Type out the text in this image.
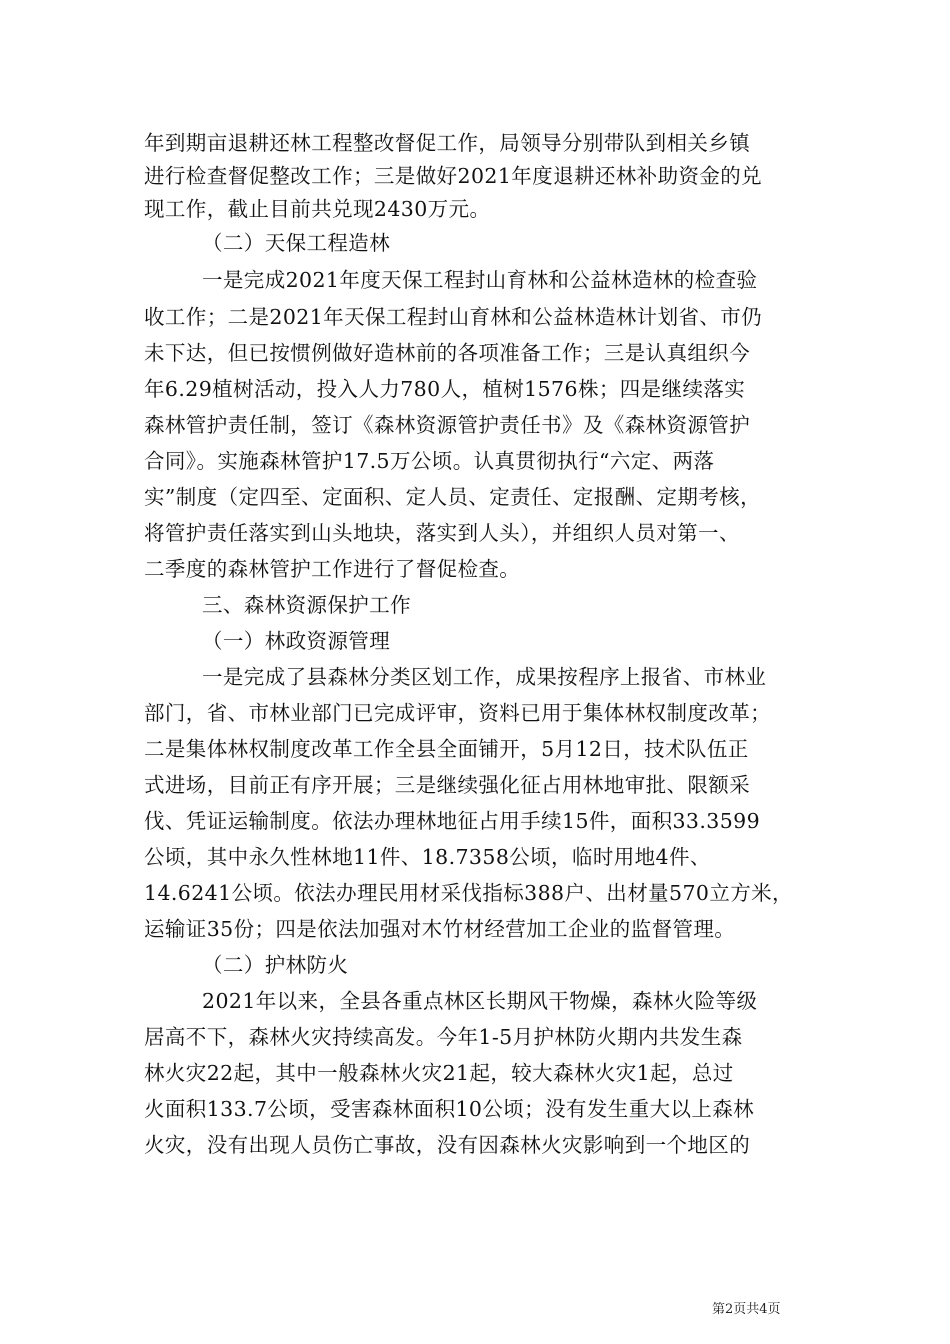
年到期亩退耕还林工程整改督促工作，局领导分别带队到相关乡镇
进行检查督促整改工作；三是做好2021年度退耕还林补助资金的兑
现工作，截止目前共兑现2430万元。
（二）天保工程造林
一是完成2021年度天保工程封山育林和公益林造林的检查验
收工作；二是2021年天保工程封山育林和公益林造林计划省、市仍
未下达，但已按惯例做好造林前的各项准备工作；三是认真组织今
年6.29植树活动，投入人力780人，植树1576株；四是继续落实
森林管护责任制，签订《森林资源管护责任书》及《森林资源管护
合同》。实施森林管护17.5万公顷。认真贯彻执行“六定、两落
实”制度（定四至、定面积、定人员、定责任、定报酬、定期考核，
将管护责任落实到山头地块，落实到人头），并组织人员对第一、
二季度的森林管护工作进行了督促检查。
三、森林资源保护工作
（一）林政资源管理
一是完成了县森林分类区划工作，成果按程序上报省、市林业
部门，省、市林业部门已完成评审，资料已用于集体林权制度改革；
二是集体林权制度改革工作全县全面铺开，5月12日，技术队伍正
式进场，目前正有序开展；三是继续强化征占用林地审批、限额采
伐、凭证运输制度。依法办理林地征占用手续15件，面积33.3599
公顷，其中永久性林地11件、18.7358公顷，临时用地4件、
14.6241公顷。依法办理民用材采伐指标388户、出材量570立方米，
运输证35份；四是依法加强对木竹材经营加工企业的监督管理。
（二）护林防火
2021年以来，全县各重点林区长期风干物燥，森林火险等级
居高不下，森林火灾持续高发。今年1-5月护林防火期内共发生森
林火灾22起，其中一般森林火灾21起，较大森林火灾1起，总过
火面积133.7公顷，受害森林面积10公顷；没有发生重大以上森林
火灾，没有出现人员伤亡事故，没有因森林火灾影响到一个地区的
第2页共4页
